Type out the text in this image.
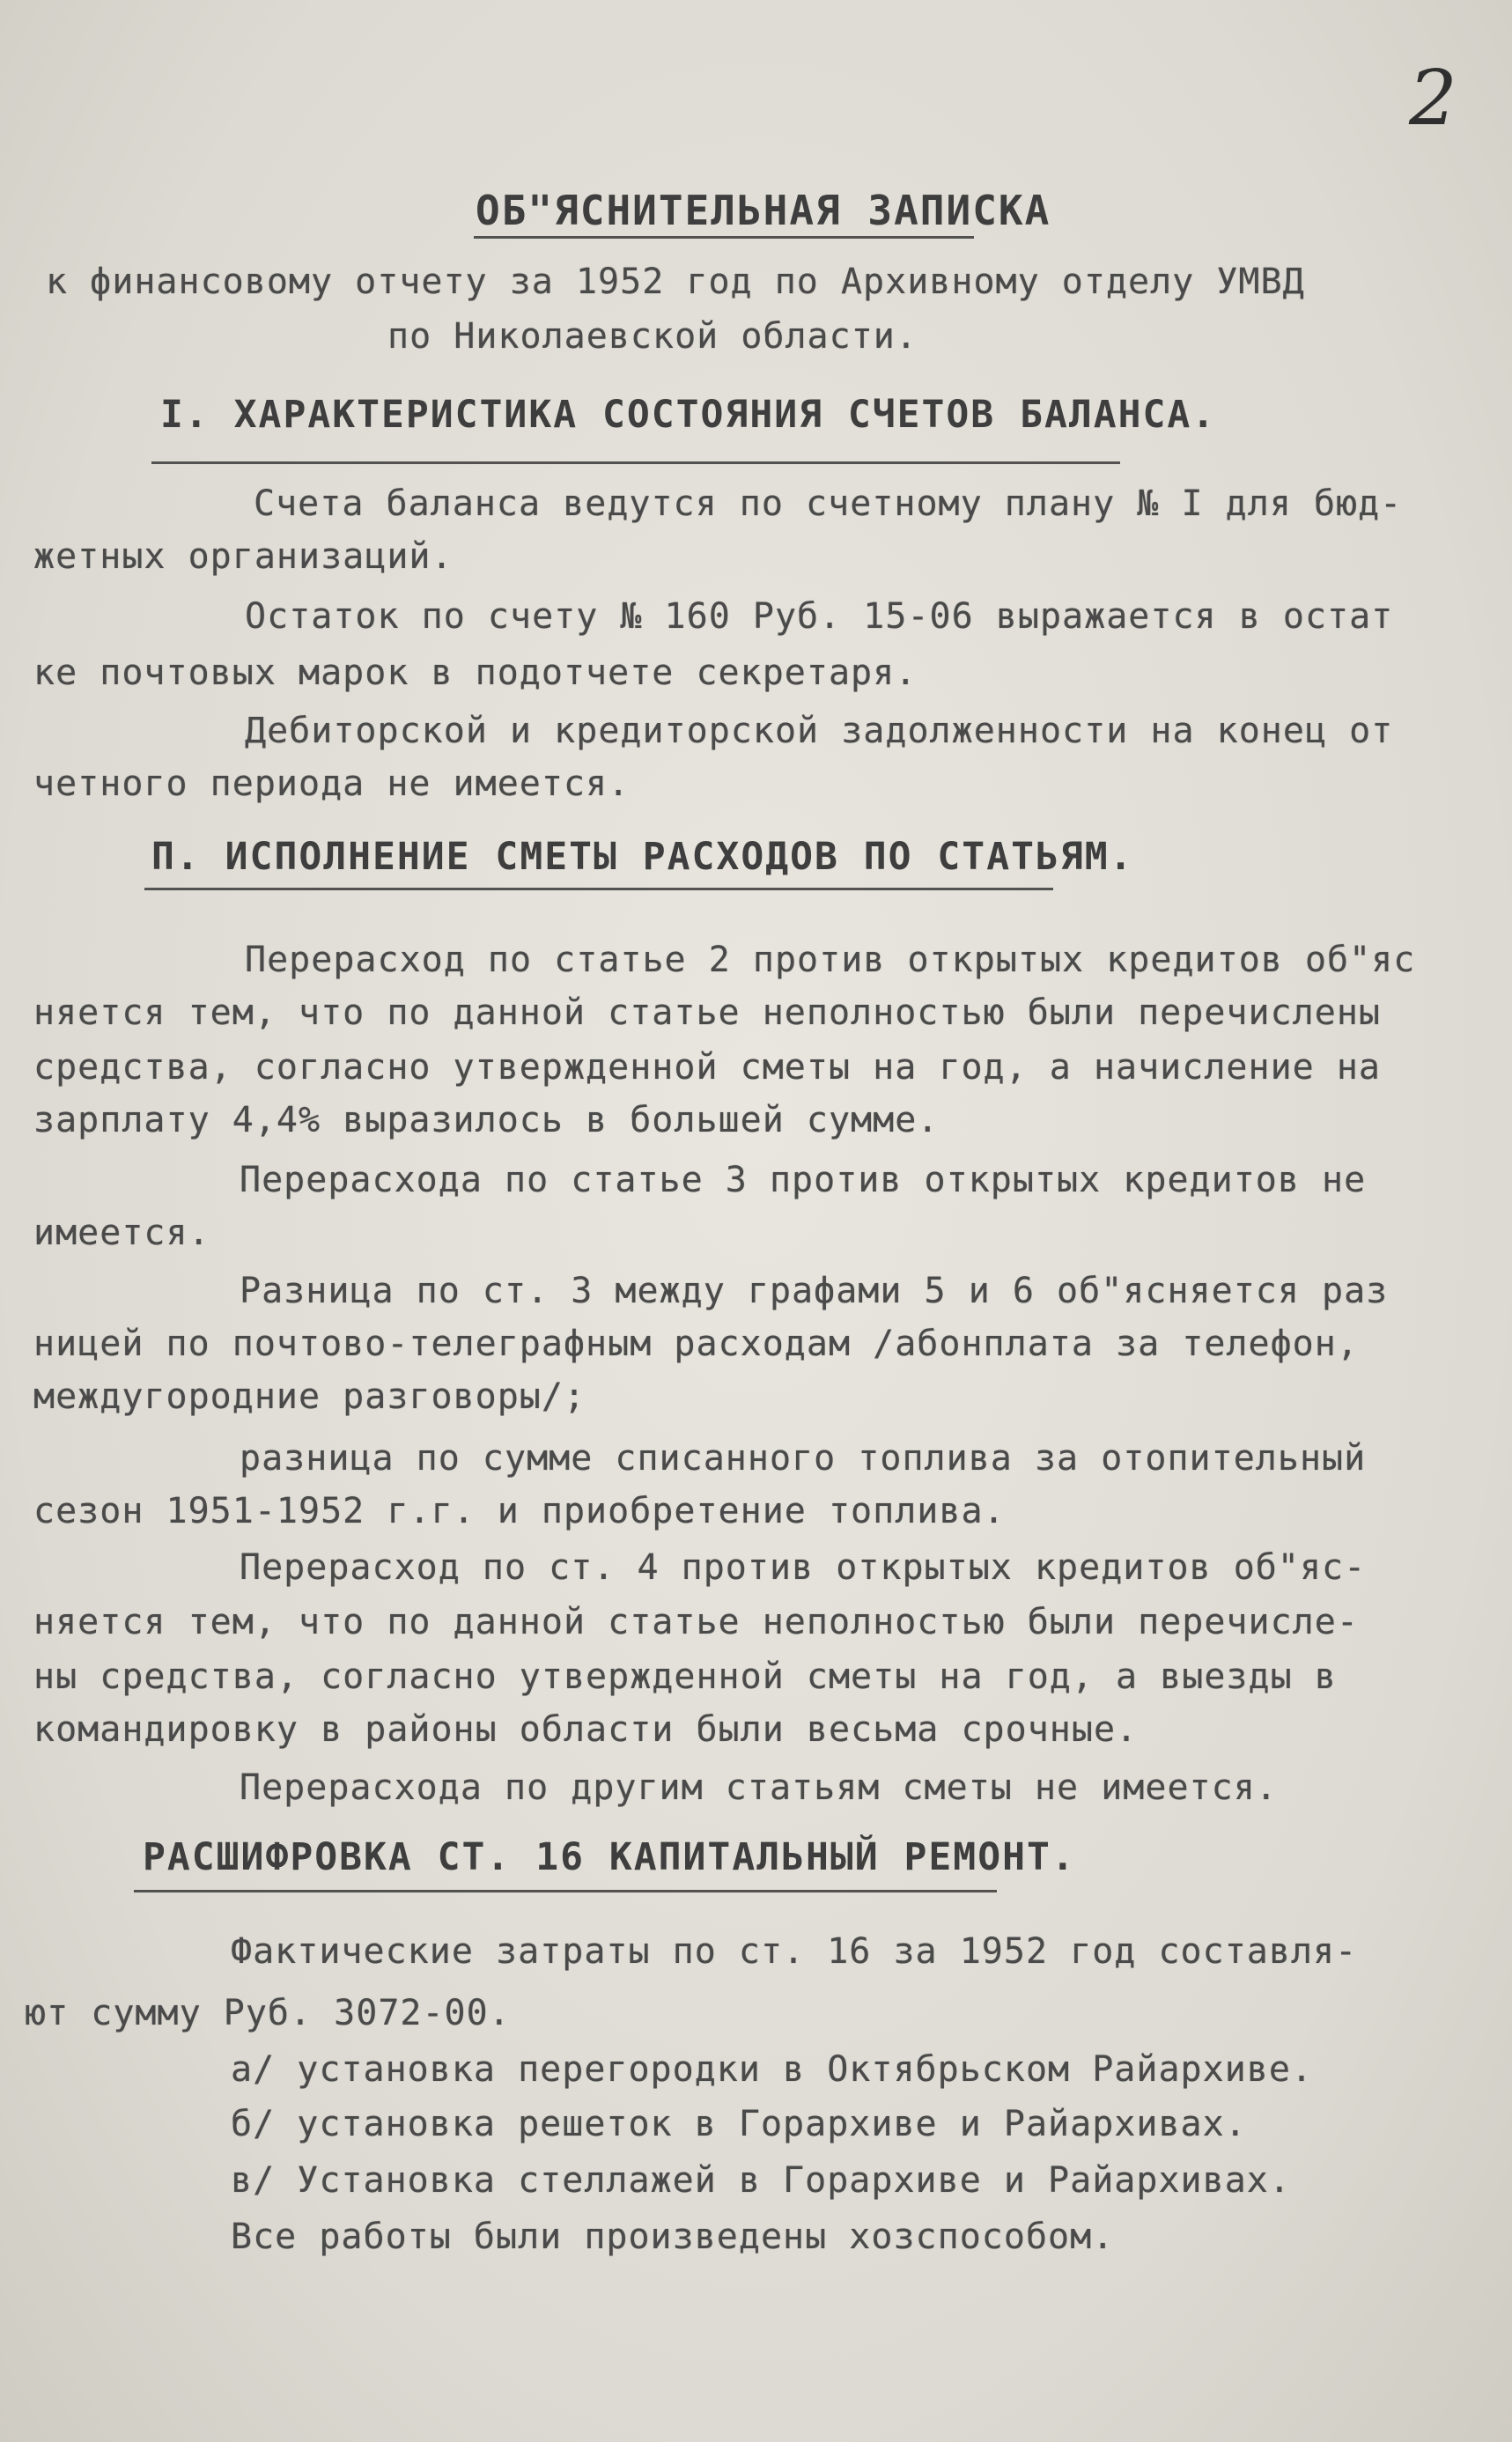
2
ОБ"ЯСНИТЕЛЬНАЯ ЗАПИСКА
к финансовому отчету за 1952 год по Архивному отделу УМВД
по Николаевской области.
I. ХАРАКТЕРИСТИКА СОСТОЯНИЯ СЧЕТОВ БАЛАНСА.
Счета баланса ведутся по счетному плану № I для бюд-
жетных организаций.
Остаток по счету № 160 Руб. 15-06 выражается в остат
ке почтовых марок в подотчете секретаря.
Дебиторской и кредиторской задолженности на конец от
четного периода не имеется.
П. ИСПОЛНЕНИЕ СМЕТЫ РАСХОДОВ ПО СТАТЬЯМ.
Перерасход по статье 2 против открытых кредитов об"яс
няется тем, что по данной статье неполностью были перечислены
средства, согласно утвержденной сметы на год, а начисление на
зарплату 4,4% выразилось в большей сумме.
Перерасхода по статье 3 против открытых кредитов не
имеется.
Разница по ст. 3 между графами 5 и 6 об"ясняется раз
ницей по почтово-телеграфным расходам /абонплата за телефон,
междугородние разговоры/;
разница по сумме списанного топлива за отопительный
сезон 1951-1952 г.г. и приобретение топлива.
Перерасход по ст. 4 против открытых кредитов об"яс-
няется тем, что по данной статье неполностью были перечисле-
ны средства, согласно утвержденной сметы на год, а выезды в
командировку в районы области были весьма срочные.
Перерасхода по другим статьям сметы не имеется.
РАСШИФРОВКА СТ. 16 КАПИТАЛЬНЫЙ РЕМОНТ.
Фактические затраты по ст. 16 за 1952 год составля-
ют сумму Руб. 3072-00.
а/ установка перегородки в Октябрьском Райархиве.
б/ установка решеток в Горархиве и Райархивах.
в/ Установка стеллажей в Горархиве и Райархивах.
Все работы были произведены хозспособом.
